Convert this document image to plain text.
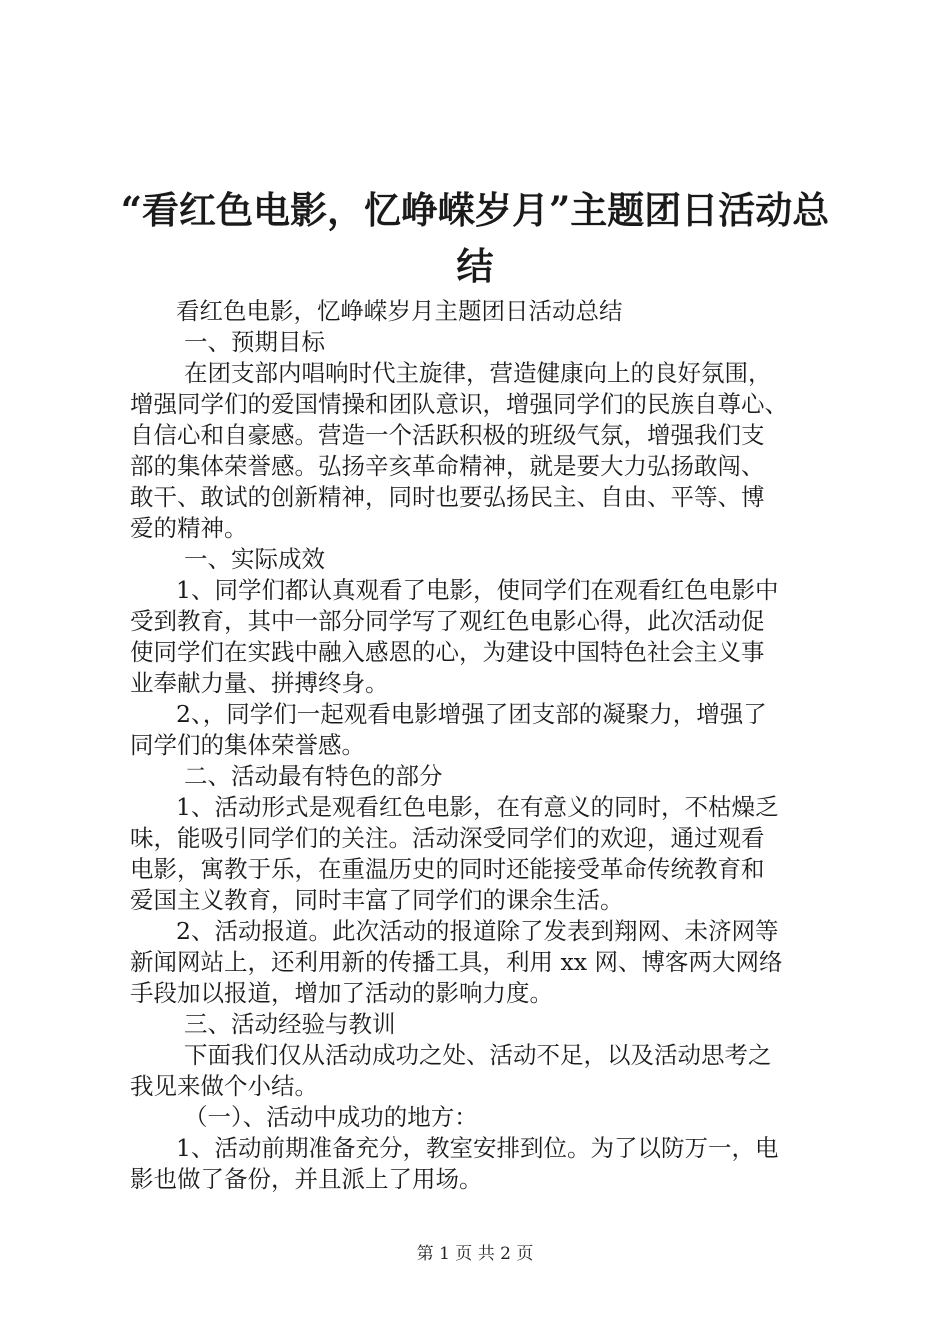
“看红色电影，忆峥嵘岁月”主题团日活动总
结
看红色电影，忆峥嵘岁月主题团日活动总结
一、预期目标
在团支部内唱响时代主旋律，营造健康向上的良好氛围，
增强同学们的爱国情操和团队意识，增强同学们的民族自尊心、
自信心和自豪感。营造一个活跃积极的班级气氛，增强我们支
部的集体荣誉感。弘扬辛亥革命精神，就是要大力弘扬敢闯、
敢干、敢试的创新精神，同时也要弘扬民主、自由、平等、博
爱的精神。
一、实际成效
1、同学们都认真观看了电影，使同学们在观看红色电影中
受到教育，其中一部分同学写了观红色电影心得，此次活动促
使同学们在实践中融入感恩的心，为建设中国特色社会主义事
业奉献力量、拼搏终身。
2、，同学们一起观看电影增强了团支部的凝聚力，增强了
同学们的集体荣誉感。
二、活动最有特色的部分
1、活动形式是观看红色电影，在有意义的同时，不枯燥乏
味，能吸引同学们的关注。活动深受同学们的欢迎，通过观看
电影，寓教于乐，在重温历史的同时还能接受革命传统教育和
爱国主义教育，同时丰富了同学们的课余生活。
2、活动报道。此次活动的报道除了发表到翔网、未济网等
新闻网站上，还利用新的传播工具，利用 xx 网、博客两大网络
手段加以报道，增加了活动的影响力度。
三、活动经验与教训
下面我们仅从活动成功之处、活动不足，以及活动思考之
我见来做个小结。
（一）、活动中成功的地方：
1、活动前期准备充分，教室安排到位。为了以防万一，电
影也做了备份，并且派上了用场。
第 1 页 共 2 页
